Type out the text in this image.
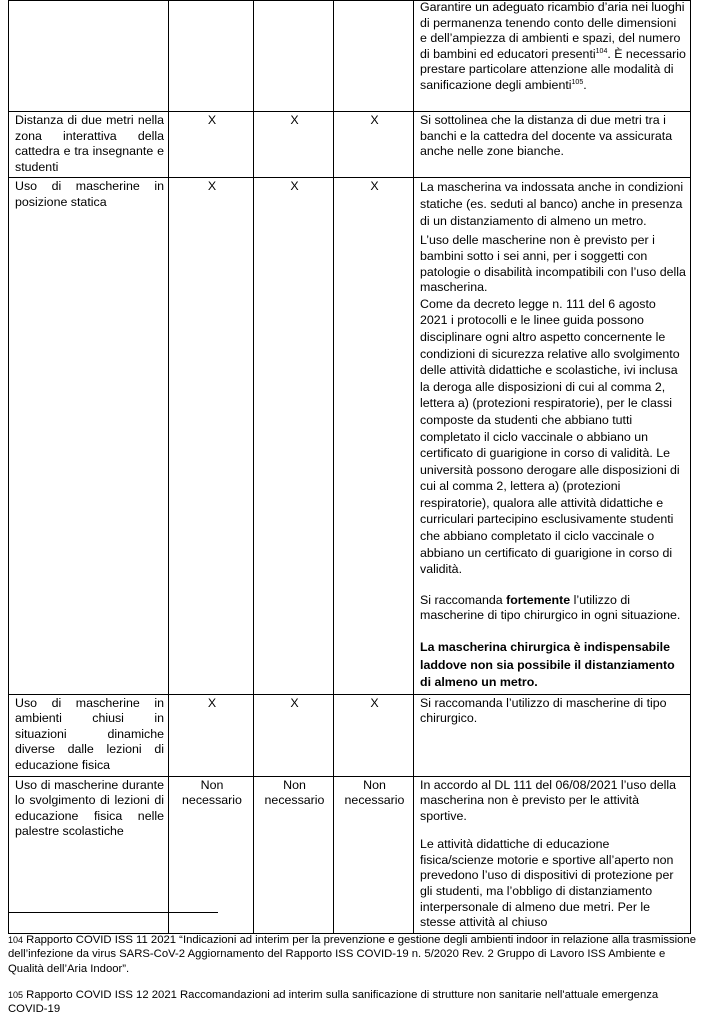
				Garantire un adeguato ricambio d’aria nei luoghi di permanenza tenendo conto delle dimensioni e dell’ampiezza di ambienti e spazi, del numero di bambini ed educatori presenti$^{104}$. È necessario prestare particolare attenzione alle modalità di sanificazione degli ambienti$^{105}$.

Distanza di due metri nella zona interattiva della cattedra e tra insegnante e studenti	X	X	X	Si sottolinea che la distanza di due metri tra i banchi e la cattedra del docente va assicurata anche nelle zone bianche.

Uso di mascherine in posizione statica	X	X	X	La mascherina va indossata anche in condizioni statiche (es. seduti al banco) anche in presenza di un distanziamento di almeno un metro.

L’uso delle mascherine non è previsto per i bambini sotto i sei anni, per i soggetti con patologie o disabilità incompatibili con l’uso della mascherina.

Come da decreto legge n. 111 del 6 agosto 2021 i protocolli e le linee guida possono disciplinare ogni altro aspetto concernente le condizioni di sicurezza relative allo svolgimento delle attività didattiche e scolastiche, ivi inclusa la deroga alle disposizioni di cui al comma 2, lettera a) (protezioni respiratorie), per le classi composte da studenti che abbiano tutti completato il ciclo vaccinale o abbiano un certificato di guarigione in corso di validità. Le università possono derogare alle disposizioni di cui al comma 2, lettera a) (protezioni respiratorie), qualora alle attività didattiche e curriculari partecipino esclusivamente studenti che abbiano completato il ciclo vaccinale o abbiano un certificato di guarigione in corso di validità.

Si raccomanda fortemente l’utilizzo di mascherine di tipo chirurgico in ogni situazione.

La mascherina chirurgica è indispensabile laddove non sia possibile il distanziamento di almeno un metro.

Uso di mascherine in ambienti chiusi in situazioni dinamiche diverse dalle lezioni di educazione fisica	X	X	X	Si raccomanda l’utilizzo di mascherine di tipo chirurgico.

Uso di mascherine durante lo svolgimento di lezioni di educazione fisica nelle palestre scolastiche	Non necessario	Non necessario	Non necessario	In accordo al DL 111 del 06/08/2021 l’uso della mascherina non è previsto per le attività sportive.

Le attività didattiche di educazione fisica/scienze motorie e sportive all’aperto non prevedono l’uso di dispositivi di protezione per gli studenti, ma l’obbligo di distanziamento interpersonale di almeno due metri. Per le stesse attività al chiuso

104 Rapporto COVID ISS 11 2021 “Indicazioni ad interim per la prevenzione e gestione degli ambienti indoor in relazione alla trasmissione dell’infezione da virus SARS-CoV-2 Aggiornamento del Rapporto ISS COVID-19 n. 5/2020 Rev. 2 Gruppo di Lavoro ISS Ambiente e Qualità dell’Aria Indoor”.
105 Rapporto COVID ISS 12 2021 Raccomandazioni ad interim sulla sanificazione di strutture non sanitarie nell'attuale emergenza COVID-19
